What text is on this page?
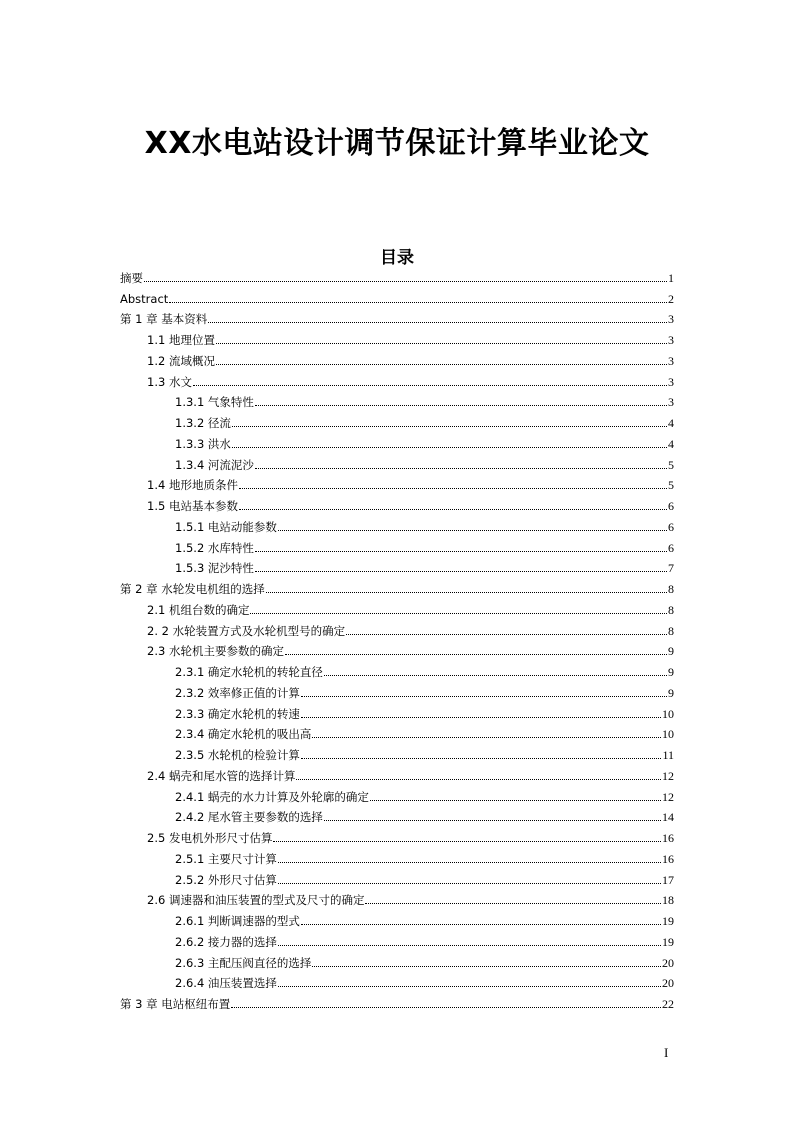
XX水电站设计调节保证计算毕业论文
目录
摘要	1
Abstract	2
第 1 章 基本资料	3
1.1 地理位置	3
1.2 流域概况	3
1.3 水文	3
1.3.1 气象特性	3
1.3.2 径流	4
1.3.3 洪水	4
1.3.4 河流泥沙	5
1.4 地形地质条件	5
1.5 电站基本参数	6
1.5.1 电站动能参数	6
1.5.2 水库特性	6
1.5.3 泥沙特性	7
第 2 章 水轮发电机组的选择	8
2.1 机组台数的确定	8
2. 2 水轮装置方式及水轮机型号的确定	8
2.3 水轮机主要参数的确定	9
2.3.1 确定水轮机的转轮直径	9
2.3.2 效率修正值的计算	9
2.3.3 确定水轮机的转速	10
2.3.4 确定水轮机的吸出高	10
2.3.5 水轮机的检验计算	11
2.4 蜗壳和尾水管的选择计算	12
2.4.1 蜗壳的水力计算及外轮廓的确定	12
2.4.2 尾水管主要参数的选择	14
2.5 发电机外形尺寸估算	16
2.5.1 主要尺寸计算	16
2.5.2 外形尺寸估算	17
2.6 调速器和油压装置的型式及尺寸的确定	18
2.6.1 判断调速器的型式	19
2.6.2 接力器的选择	19
2.6.3 主配压阀直径的选择	20
2.6.4 油压装置选择	20
第 3 章 电站枢纽布置	22
I
